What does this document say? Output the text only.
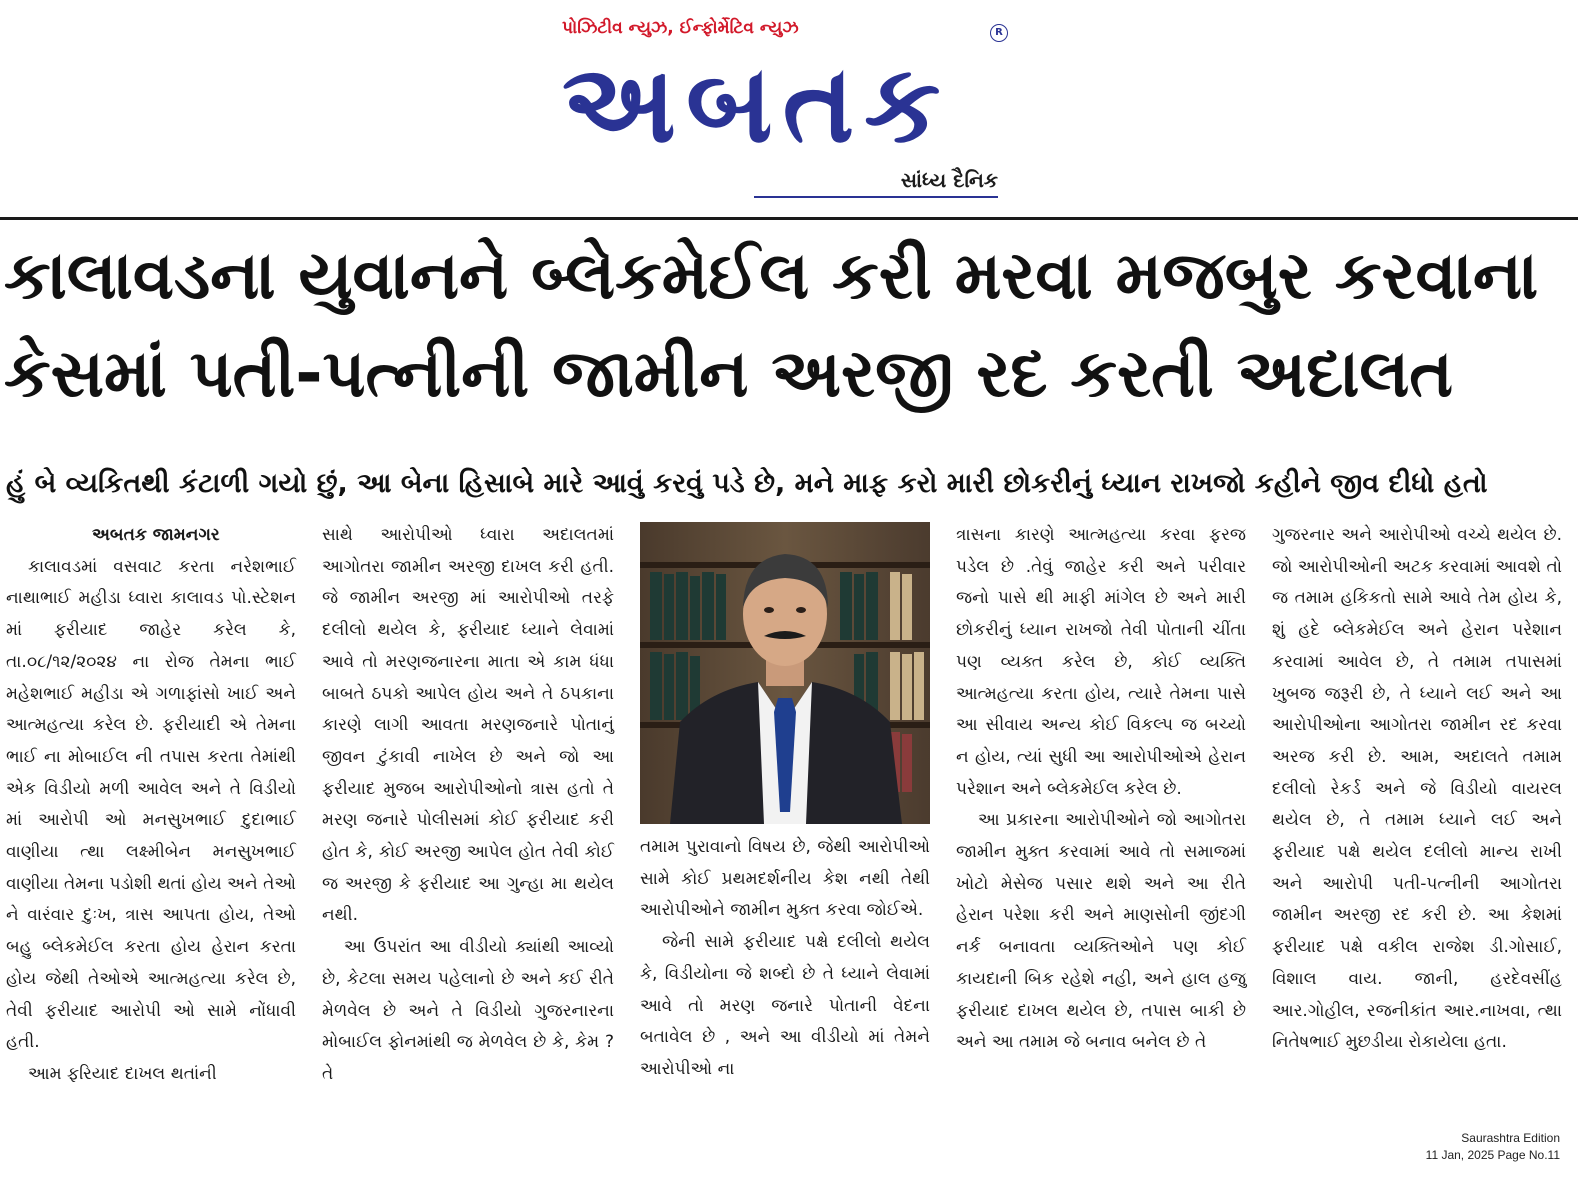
પોઝિટીવ ન્યુઝ, ઈન્ફોર્મેટિવ ન્યુઝ	R
અબતક
સાંધ્ય દૈનિક
કાલાવડના યુવાનને બ્લેકમેઈલ કરી મરવા મજબુર કરવાના
કેસમાં પતી-પત્નીની જામીન અરજી રદ કરતી અદાલત
હું બે વ્યકિતથી કંટાળી ગયો છું, આ બેના હિસાબે મારે આવું કરવું પડે છે, મને માફ કરો મારી છોકરીનું ધ્યાન રાખજો કહીને જીવ દીધો હતો

અબતક જામનગર

કાલાવડમાં વસવાટ કરતા નરેશભાઈ નાથાભાઈ મહીડા ધ્વારા કાલાવડ પો.સ્ટેશન માં ફરીયાદ જાહેર કરેલ કે, તા.૦૮/૧૨/૨૦૨૪ ના રોજ તેમના ભાઈ મહેશભાઈ મહીડા એ ગળાફાંસો ખાઈ અને આત્મહત્યા કરેલ છે. ફરીયાદી એ તેમના ભાઈ ના મોબાઈલ ની તપાસ કરતા તેમાંથી એક વિડીયો મળી આવેલ અને તે વિડીયો માં આરોપી ઓ મનસુખભાઈ દુદાભાઈ વાણીયા ત્થા લક્ષ્મીબેન મનસુખભાઈ વાણીયા તેમના પડોશી થતાં હોય અને તેઓ ને વારંવાર દુઃખ, ત્રાસ આપતા હોય, તેઓ બહુ બ્લેકમેઈલ કરતા હોય હેરાન કરતા હોય જેથી તેઓએ આત્મહત્યા કરેલ છે, તેવી ફરીયાદ આરોપી ઓ સામે નોંધાવી હતી.

આમ ફરિયાદ દાખલ થતાંની

સાથે આરોપીઓ ધ્વારા અદાલતમાં આગોતરા જામીન અરજી દાખલ કરી હતી. જે જામીન અરજી માં આરોપીઓ તરફે દલીલો થયેલ કે, ફરીયાદ ધ્યાને લેવામાં આવે તો મરણજનારના માતા એ કામ ધંધા બાબતે ઠપકો આપેલ હોય અને તે ઠપકાના કારણે લાગી આવતા મરણજનારે પોતાનું જીવન ટુંકાવી નાખેલ છે અને જો આ ફરીયાદ મુજબ આરોપીઓનો ત્રાસ હતો તે મરણ જનારે પોલીસમાં કોઈ ફરીયાદ કરી હોત કે, કોઈ અરજી આપેલ હોત તેવી કોઈ જ અરજી કે ફરીયાદ આ ગુન્હા મા થયેલ નથી.

આ ઉપરાંત આ વીડીયો ક્યાંથી આવ્યો છે, કેટલા સમય પહેલાનો છે અને કઈ રીતે મેળવેલ છે અને તે વિડીયો ગુજરનારના મોબાઈલ ફોનમાંથી જ મેળવેલ છે કે, કેમ ? તે

તમામ પુરાવાનો વિષય છે, જેથી આરોપીઓ સામે કોઈ પ્રથમદર્શનીય કેશ નથી તેથી આરોપીઓને જામીન મુક્ત કરવા જોઈએ.

જેની સામે ફરીયાદ પક્ષે દલીલો થયેલ કે, વિડીયોના જે શબ્દો છે તે ધ્યાને લેવામાં આવે તો મરણ જનારે પોતાની વેદના બતાવેલ છે , અને આ વીડીયો માં તેમને આરોપીઓ ના

ત્રાસના કારણે આત્મહત્યા કરવા ફરજ પડેલ છે .તેવું જાહેર કરી અને પરીવાર જનો પાસે થી માફી માંગેલ છે અને મારી છોકરીનું ધ્યાન રાખજો તેવી પોતાની ચીંતા પણ વ્યક્ત કરેલ છે, કોઈ વ્યક્તિ આત્મહત્યા કરતા હોય, ત્યારે તેમના પાસે આ સીવાય અન્ય કોઈ વિકલ્પ જ બચ્યો ન હોય, ત્યાં સુધી આ આરોપીઓએ હેરાન પરેશાન અને બ્લેકમેઈલ કરેલ છે.

આ પ્રકારના આરોપીઓને જો આગોતરા જામીન મુક્ત કરવામાં આવે તો સમાજમાં ખોટો મેસેજ પસાર થશે અને આ રીતે હેરાન પરેશા કરી અને માણસોની જીંદગી નર્ક બનાવતા વ્યક્તિઓને પણ કોઈ કાયદાની બિક રહેશે નહી, અને હાલ હજુ ફરીયાદ દાખલ થયેલ છે, તપાસ બાકી છે અને આ તમામ જે બનાવ બનેલ છે તે

ગુજરનાર અને આરોપીઓ વચ્ચે થયેલ છે. જો આરોપીઓની અટક કરવામાં આવશે તો જ તમામ હકિકતો સામે આવે તેમ હોય કે, શું હદે બ્લેકમેઈલ અને હેરાન પરેશાન કરવામાં આવેલ છે, તે તમામ તપાસમાં ખુબજ જરૂરી છે, તે ધ્યાને લઈ અને આ આરોપીઓના આગોતરા જામીન રદ કરવા અરજ કરી છે. આમ, અદાલતે તમામ દલીલો રેકર્ડ અને જે વિડીયો વાયરલ થયેલ છે, તે તમામ ધ્યાને લઈ અને ફરીયાદ પક્ષે થયેલ દલીલો માન્ય રાખી અને આરોપી પતી-પત્નીની આગોતરા જામીન અરજી રદ કરી છે. આ કેશમાં ફરીયાદ પક્ષે વકીલ રાજેશ ડી.ગોસાઈ, વિશાલ વાય. જાની, હરદેવસીંહ આર.ગોહીલ, રજનીકાંત આર.નાખવા, ત્થા નિતેષભાઈ મુછડીયા રોકાયેલા હતા.

Saurashtra Edition
11 Jan, 2025 Page No.11
